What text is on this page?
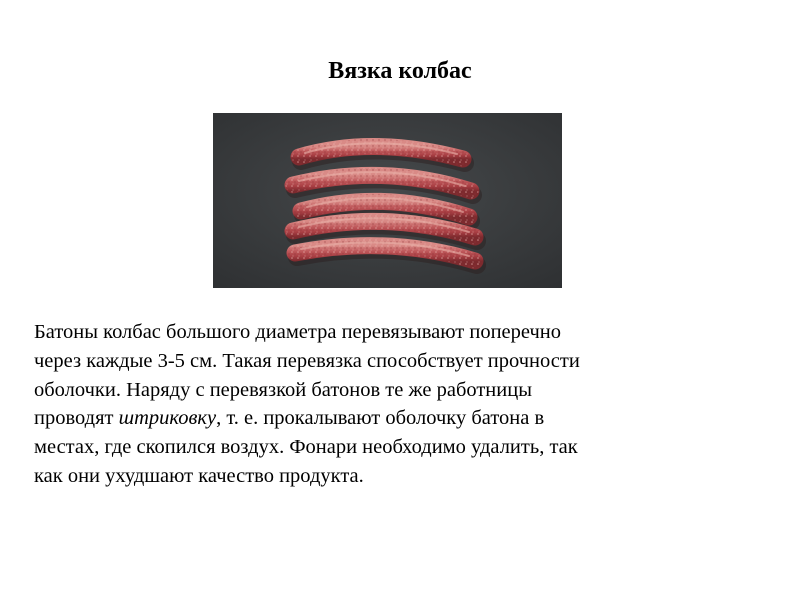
Вязка колбас

Батоны колбас большого диаметра перевязывают поперечно
через каждые 3-5 см. Такая перевязка способствует прочности
оболочки. Наряду с перевязкой батонов те же работницы
проводят штриковку, т. е. прокалывают оболочку батона в
местах, где скопился воздух. Фонари необходимо удалить, так
как они ухудшают качество продукта.
